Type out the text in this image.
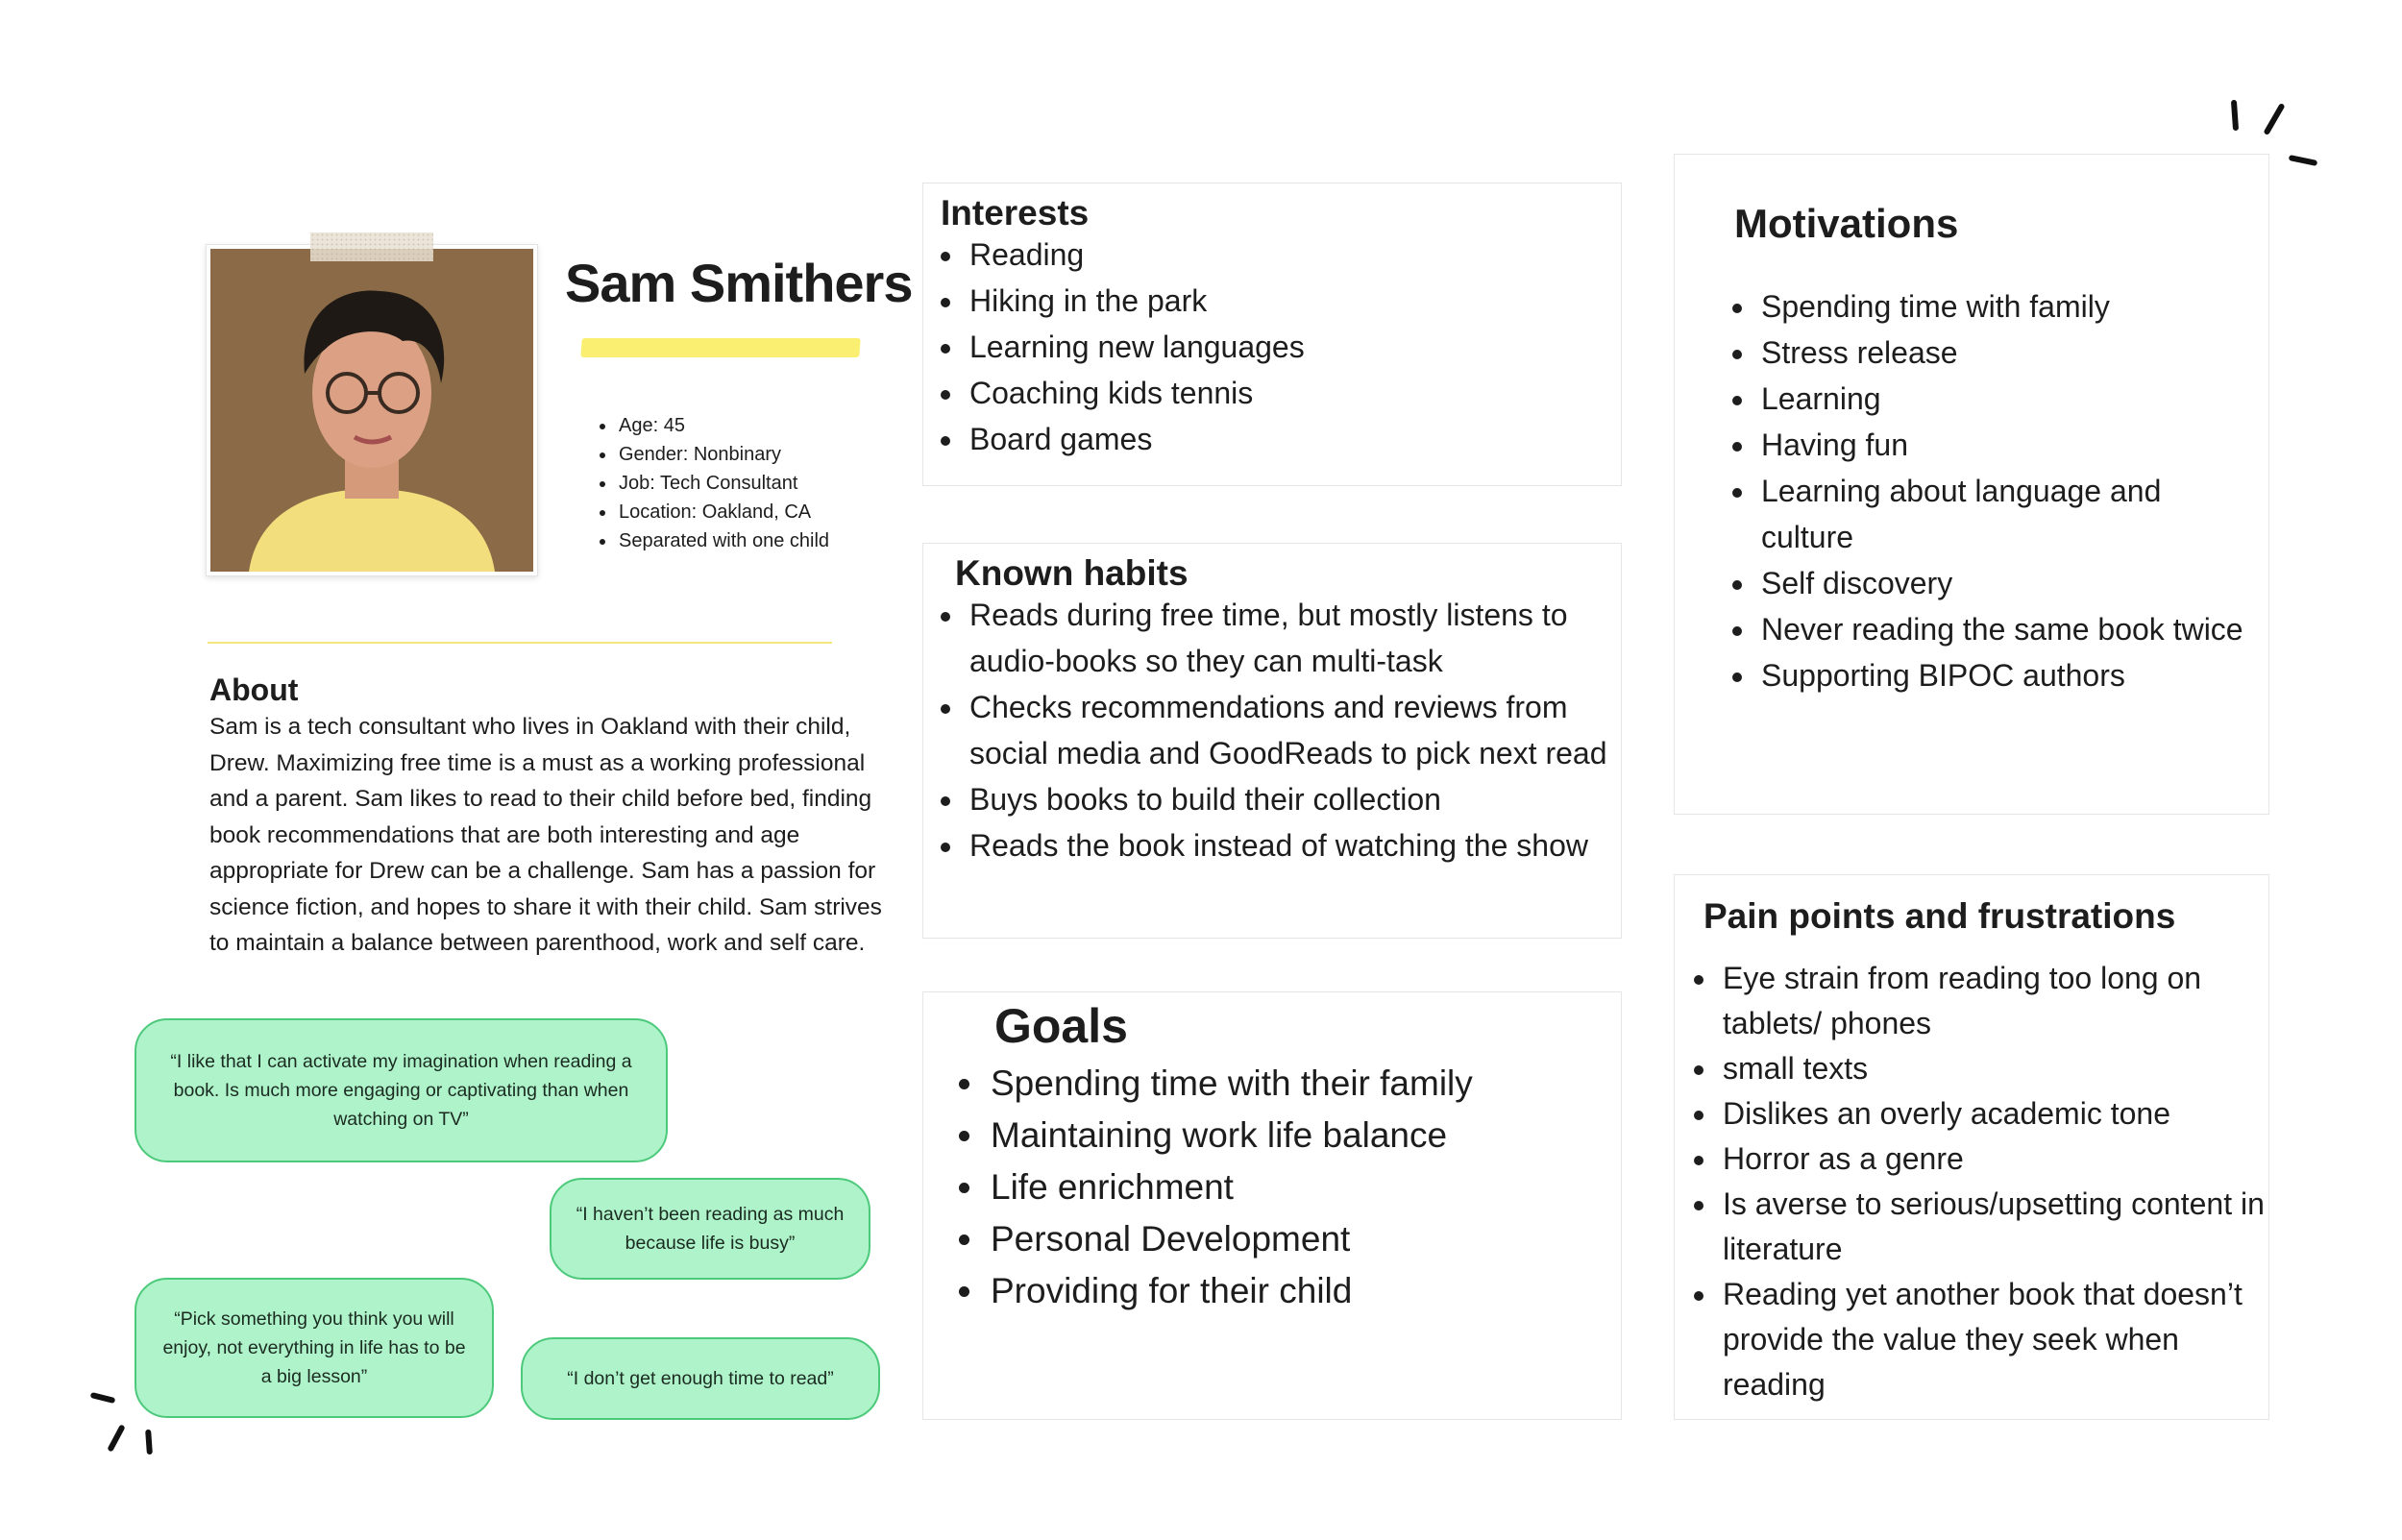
Sam Smithers
• Age: 45
• Gender: Nonbinary
• Job: Tech Consultant
• Location: Oakland, CA
• Separated with one child
About
Sam is a tech consultant who lives in Oakland with their child, Drew. Maximizing free time is a must as a working professional and a parent. Sam likes to read to their child before bed, finding book recommendations that are both interesting and age appropriate for Drew can be a challenge. Sam has a passion for science fiction, and hopes to share it with their child. Sam strives to maintain a balance between parenthood, work and self care.
“I like that I can activate my imagination when reading a book. Is much more engaging or captivating than when watching on TV”
“I haven’t been reading as much because life is busy”
“Pick something you think you will enjoy, not everything in life has to be a big lesson”	“I don’t get enough time to read”
Interests
• Reading
• Hiking in the park
• Learning new languages
• Coaching kids tennis
• Board games
Known habits
• Reads during free time, but mostly listens to audio-books so they can multi-task
• Checks recommendations and reviews from social media and GoodReads to pick next read
• Buys books to build their collection
• Reads the book instead of watching the show
Goals
• Spending time with their family
• Maintaining work life balance
• Life enrichment
• Personal Development
• Providing for their child
Motivations
• Spending time with family
• Stress release
• Learning
• Having fun
• Learning about language and culture
• Self discovery
• Never reading the same book twice
• Supporting BIPOC authors
Pain points and frustrations
• Eye strain from reading too long on tablets/ phones
• small texts
• Dislikes an overly academic tone
• Horror as a genre
• Is averse to serious/upsetting content in literature
• Reading yet another book that doesn’t provide the value they seek when reading
